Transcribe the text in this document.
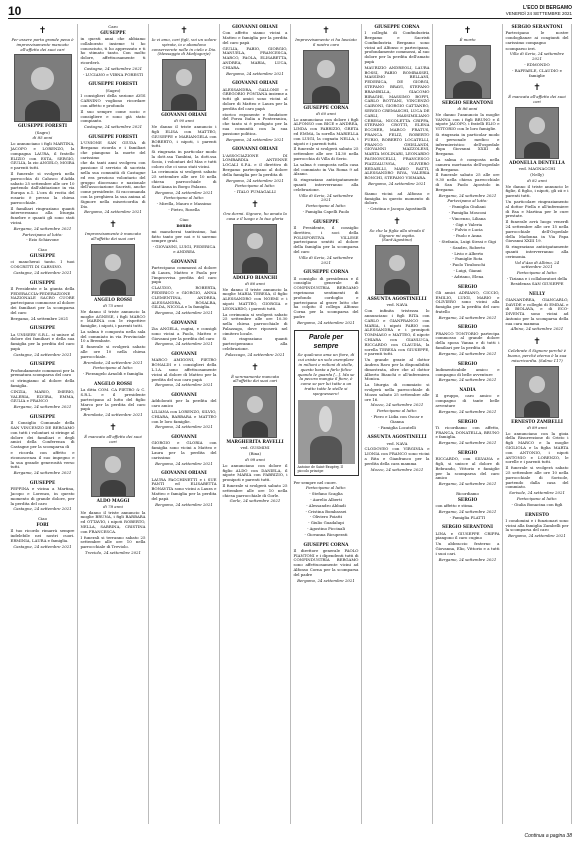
10	L'ECO DI BERGAMO
VENERDÌ 24 SETTEMBRE 2021
✝

Per essere porta grande pena è improvvisamente mancato all'affetto dei suoi cari

GIUSEPPE FORESTI

(Sagro)

di 85 anni

Lo annunciano i figli MARTINA, JACOPO e LORENZO, la compagna LAURA, il fratello ELIZIO con ESTA, SERGIO, GIULIA, la zio ANGELO, MOIRA e parenti tutti.

Il funerale si svolgerà nella parrocchia di Calusco d'Adda sabato 25 settembre alle ore 10 partendo dall'abitazione in via Europa n.1. L'ora di recita del rosario è presso la chiesa parrocchiale.

Il familiari ringraziano quanti interverranno alla liturgia funebre e quanti gli sono stati vicini.

Bergamo, 24 settembre 2021

Partecipano al lutto:

- Ezio Schiavone

Ciao

GIUSEPPE

ci mancherai tanto. I tuoi COSCRITTI DI CARNINO.

Castagne, 24 settembre 2021

GIUSEPPE

Il Presidente e la giunta della FEDERACCIA-FEDERAZIONE NAZIONALE SACRO CUORE partecipano commosse al dolore dei familiari per la scomparsa del caro

Bergamo, 24 settembre 2021

GIUSEPPE

La UNISERV S.R.L. si unisce al dolore dei familiari e della sua famiglia per la perdita del caro papà

Castagne, 24 settembre 2021

GIUSEPPE

Profondamente commossi per la prematura scomparsa del caro

ci stringiamo al dolore della famiglia.

CINZIA, MARIO, IMERIO, VALERIA, ELVIRA, EMMA, GIULIA e FRANCO

Bergamo, 24 settembre 2021

GIUSEPPE

Il Consiglio Comunale della SAN VINCENZO DE BERGAMO con tutti i volontari si stringe al dolore dei familiari e degli amici della Conferenza di Castagne per la scomparsa di

e ricorda con affetto e riconoscenza il suo impegno e la sua grande generosità verso tutti.

Bergamo, 24 settembre 2021

GIUSEPPE

PEPPINA e vicina a Martina, Jacopo e Lorenzo, in questo momento di grande dolore, per la perdita del caro

Castagne, 24 settembre 2021

Ciao

FORI

Il tuo ricordo rimarrà sempre indelebile nei nostri cuori. ERMINIA, LAURA e famiglia.

Castagne, 24 settembre 2021

Caro

GIUSEPPE

in questi anni che abbiamo collaborato insieme ti ho conosciuto, ti ho apprezzato e ti ho stimato tanto. Con molto dolore, affettuosamente ti ricorderò.

Castagne, 24 settembre 2021

- LUCIANO e VIBNA FORESTI

GIUSEPPE FORESTI

(Sagro)

I consiglieri della sezione AVIS CARNINO vogliono ricordare con affetto e profondo

Il suo sempre come socio e consigliere e sono già stato compianto.

Castagne, 24 settembre 2021

GIUSEPPE FORESTI

L'UNIONE SAN GIUDA di Bergamo ricorda e i familiari che piangono la morte del carissimo

che da tanti anni svolgeva con passione il servizio di sacrista nella sua comunità di Castagne ed era prezioso volontario del gruppo diocesano e nazionale dell'associazione Sacristi, anche come presidente. Si raccomanda con la preghiera la sua anima al Signore nella misericordia di Dio.

Bergamo, 24 settembre 2021

✝

Improvvisamente è mancato all'affetto dei suoi cari

ANGELO ROSSI

di 75 anni

Ne danno il triste annuncio la moglie AGNESE, i figli MARCO e MARINA con le rispettive famiglie, i nipoti, i parenti tutti.

La salma è composta nella sala del commiato in via Provinciale 10 a Brembate.

Il funerale si svolgerà sabato alle ore 10 nella chiesa parrocchiale.

Brembate, 24 settembre 2021

Partecipano al lutto:

- Pierangelo Arnoldi e famiglia

ANGELO ROSSI

La ditta COM. CA PIETRO & C. S.R.L. e il presidente partecipano al lutto del figlio Marco per la perdita del caro papà

Brembate, 24 settembre 2021

✝

È mancato all'affetto dei suoi cari

ALDO MAGGI

di 78 anni

Ne danno il triste annuncio la moglie BRUNA, i figli BARBARA ed OTTAVIO, i nipoti ROBERTO, NELLA, SABRINA, CRISTINA con FRANCESCA.

I funerali si terranno sabato 25 settembre alle ore 10 nella parrocchiale di Treviolo.

Treviolo, 24 settembre 2021

✝

Io vi amo, cari figli, voi un solore spirate, io e abandono conserverete nelle in cielo e Dio. (Messaggio di Medjugorje)

GIOVANNI ORIANI

di 90 anni

Ne danno il triste annuncio i figli ELISA con MATTEO, GIUSEPPE e MARIANGELA con ROBERTO, i nipoti, i parenti tutti.

Si ringrazia in particolar modo la dott.ssa Tambini, la dott.ssa Sosio, i volontari del Mas e tutti coloro che ci sono stati vicini.

La cerimonia si svolgerà sabato 25 settembre alle ore 10 nella chiesa parrocchiale di Sant'Anna in Borgo Palazzo.

Bergamo, 24 settembre 2021

Partecipano al lutto:

- Mirella, Mauro e Massimo

- Pietro, Rosella

Ciao

nonno

mi mancherai tantissimo, hai fatto tanto per noi e ti saremo sempre grati.

- GIOVANNI, LUIGI, FEDERICA e ANDREA

GIOVANNI

Partecipano commossi al dolore di Laura, Matteo e Paola per l'improvvisa perdita del caro papà

CLAUDIO, ROBERTA, FEDERICO e GIORGIO, ANNA CLEMENTINA, ANDREA, ALESSANDRA, ROSALBA, GILDA, NICOLA e la famiglia.

Bergamo, 24 settembre 2021

GIOVANNI

Zia ANGELA, cugini, e consigli sono vicini a Paolo, Matteo e Giovanni per la perdita del caro

Bergamo, 24 settembre 2021

GIOVANNI

MARCO AMIGONI, PIETRO BONALDI e i consiglieri della L.I.A. sono affettuosamente vicini al dolore di Matteo per la perdita del suo caro papà

Bergamo, 24 settembre 2021

GIOVANNI

Addolorati per la perdita del caro amico

LILIANA con LORENZO, SILVIO, CHIARA, BARBARA e MATTEO con le loro famiglie.

Bergamo, 24 settembre 2021

GIOVANNI

GIORGIO e GLORIA con famiglia sono vicini a Matteo e Laura per la perdita del carissimo

Bergamo, 24 settembre 2021

GIOVANNI ORIANI

LAURA FACCHINETTI e i SUE FANTI ed ELISABETTA BONAVITA sono vicini a Laura e Matteo e famiglia per la perdita del papà

Bergamo, 24 settembre 2021

GIOVANNI ORIANI

Con affetto siamo vicini a Matteo e famiglia per la perdita del caro papà

GIULIA, FABIO, GIORGIO, MANUELA, FRANCESCA, MARCO, PAOLA, ELISABETTA, ANDREA, MARIA, LUCA, CHIARA.

Bergamo, 24 settembre 2021

GIOVANNI ORIANI

ALESSANDRA, GALLONE e GREGORIO FONTANA insieme a tutti gli amici sono vicini al dolore di Matteo e Laura per la perdita del caro papà

storico esponente e fondatore del Forza Italia a Ponteranica, che tanto si è prodigato per la sua comunità con la sua passione politica.

Bergamo, 24 settembre 2021

GIOVANNI ORIANI

L'ASSOCIAZIONE DI LOMBARDIA ANTENNE LOCALI S.P.A. e il direttivo di Bergamo partecipano al dolore della famiglia per la perdita di

Bergamo, 24 settembre 2021

Partecipano al lutto:

- ITALO FUMAGALLI

✝

Ora dormi. Signore, ho amato la casa e il luogo e la tua gloria

ADOLFO BIANCHI

di 86 anni

Ne danno il triste annuncio la moglie MARIA TERESA, il figlio ALESSANDRO con NOEMI e i nipoti MATTEO, GIORGIA e LEONARDO, i parenti tutti.

La cerimonia si svolgerà sabato 25 settembre alle ore 10.30 nella chiesa parrocchiale di Palazzago, dove riposerà nel cimitero locale.

Si ringraziano quanti parteciperanno alla celebrazione.

Palazzago, 24 settembre 2021

✝

È serenamente mancata all'affetto dei suoi cari

MARGHERITA RAVELLI

ved. GUSMINI

(Rina)

di 98 anni

Lo annunciano con dolore il figlio ALDO con DANIELA, il nipote MARIA con FABRIZIO, i pronipoti e parenti tutti.

Il funerale si svolgerà sabato 25 settembre alle ore 10 nella chiesa parrocchiale di Gorle.

Gorle, 24 settembre 2021

✝

Improvvisamente ci ha lasciato il nostro caro

GIUSEPPE CORNA

di 60 anni

Lo annunciano con dolore i figli ALFONSO con BICE e ANDREA, LINDA con FABRIZIO, GRETA ed EMMA, la sorella MARIELLA con LUIGI, la cognata NELLA, i nipoti e i parenti tutti.

Il funerale si svolgerà sabato 25 settembre alle ore 14.30 nella parrocchia di Villa di Serio.

La salma è composta nella casa del commiato in Via Roma 9 ad Alzano.

Si ringraziano anticipatamente quanti interverranno alla celebrazione.

Villa di Serio, 24 settembre 2021

Partecipano al lutto:

- Famiglia Capelli Paolo

GIUSEPPE

Il Presidente, il consiglio direttivo, i soci della POLISPORTIVA VILLESE partecipano sentiti al dolore della famiglia per la scomparsa del caro

Villa di Serio, 24 settembre 2021

GIUSEPPE CORNA

Il consiglio di presidenza e il consiglio generale di CONFINDUSTRIA BERGAMO esprimono sentimenti di profondo cordoglio e partecipano al grave lutto che ha colpito il collega Alfonso Corna per la scomparsa del padre

Bergamo, 24 settembre 2021

Parole per sempre
Se qualcuno ama un fiore, di cui esiste un solo esemplare in milioni e milioni di stelle, questo basta a farlo felice quando le guarda [...]. Ma se la pecora mangia il fiore, è come se per lui tutte a un tratto tutte le stelle si spegnessero!
Antoine de Saint-Exupéry, Il piccolo principe

Per sempre nel cuore.

Partecipano al lutto:

- Stefano Scaglia

- Aurelio Alberti

- Alessandro Abbadi

- Cristina Bombassei

- Oliviero Poiatti

- Giulio Guadalupi

- Agostino Piccinali

- Giovanna Ricuperati

GIUSEPPE CORNA

Il direttore generale PAOLO PIANTONI e i dipendenti tutti di CONFINDUSTRIA BERGAMO sono affettuosamente vicini ad Alfonso Corna per la scomparsa del padre

Bergamo, 24 settembre 2021

GIUSEPPE CORNA

I colleghi di Confindustria Bergamo e Sacristi Confindustria Bergamo sono vicini ad Alfonso e partecipano, profondamente commossi, al suo dolore per la perdita dell'amato papà

MAURIZIO ANDREOLI, LAURA BOSSI, FABIO BOMBASSEI, MASSIMO BELLANI, FEDERICA, DE GIORGI, STEFANO BRAVI, STEFANO BRAMBILLA, GIACOMO BIRAGHI, MASSIMO BOFFI, CARLO BOTTANI, VINCENZO CAIRONI, GIORGIO CATTANEO, SERGIO CREMASCHI, LUCA DE CARLI, MASSIMILIANO CERESA, NICOLETTA CRIPPA, STEFANO CROTTI, ELENA ECCHER, MARCO FRATUS, FRANCA FELIZ, ROBERTO FURIO, ROBERTO LOCATELLI, FRANCO GHISLANDI, GIOVANNI MAZZOLENI, MARTA MOLINARI, LEONARDO PAGNONCELLI, FRANCESCO PIAZZALUNGA, OLIVIERO REDAELLI, MARIO RATTI, ALESSANDRO RIVA, VALERIA RONCHI, STEFANO VISMARA.

Bergamo, 24 settembre 2021

Siamo vicini ad Alfonso e famiglia in questo momento di dolore.

- Cristina e Jacopo Agostinelli

✝

So che la figlia alla strada il Signore mi ospita. (Sant'Agostino)

ASSUNTA AGOSTINELLI

ved. NAVA

Con infinita tristezza lo annunciano i figli RITA con CARLO e GIANFRANCO con MARIA, i nipoti FABIO con ALESSANDRA e i pronipoti TOMMASO e MATTEO, il nipote CHIARA con GIANLUCA, RICCARDO con CLAUDIA, la sorella TERESA con GIUSEPPE, e parenti tutti.

Un grande grazie al dottor Andrea Ravo per la disponibilità dimostrata, oltre che al dottor Alberto Bianchi e all'infermiera Monica.

La liturgia di commiato si svolgerà nella parrocchiale di Mozzo sabato 25 settembre alle ore 16.

Mozzo, 24 settembre 2021

Partecipano al lutto:

- Piero e Lidia con Oscar e Gianna

- Famiglia Locatelli

ASSUNTA AGOSTINELLI

ved. NAVA

CLODOVEO con VIRGINIA e LIONIA con FRANCO sono vicini a Rita e Gianfranco per la perdita della cara mamma

Mozzo, 24 settembre 2021

✝

È morto

SERGIO SERANTONI

di 86 anni

Ne danno l'annuncio la moglie VANNA con i figli BRUNO e il nipote JACOPO, i fratelli ELIO e VITTORIO con le loro famiglie.

Si ringrazia in particolar modo il personale medico e infermieristico dell'ospedale Papa Giovanni XXIII di Bergamo.

La salma è composta nella camera mortuaria dell'ospedale di Bergamo.

Il funerale sabato 25 alle ore 9.30 nella chiesa parrocchiale di San Paolo Apostolo in Bergamo.

Bergamo, 24 settembre 2021

Partecipano al lutto:

- Famiglia Giuliani

- Famiglia Mosconi

- Vincenzo, Liliana

- Gigi e Valeria

- Fulvio e Lucia

- Paolo e Anna

- Stefania, Luigi Siessi e Gigi

- Sandro, Roberto

- Livio e Alberto

- Famiglie Rota

- Paolo Tiraboschi

- Luigi, Gianni

- Adriano, Elena

SERGIO

Gli amici ADRIANO, CICCIO, EMILIO, LUIGI, MARIO e OLIVIERO sono vicini alla famiglia per la perdita del caro fratello

Bergamo, 24 settembre 2021

SERGIO

FRANCO TONTORIO partecipa commosso al grande dolore della sposa Vanna e di tutti i familiari per la perdita di

Bergamo, 24 settembre 2021

SERGIO

Indimenticabile amico e compagno di belle avventure

Bergamo, 24 settembre 2021

NADIA

Il gruppo, caro amico e compagno di tante belle avventure

Bergamo, 24 settembre 2021

SERGIO

Ti ricordiamo con affetto, FRANCA, DONATELLA, BRUNO e famiglia.

Bergamo, 24 settembre 2021

SERGIO

RICCARDO, con SILVANA e figli, si unisce al dolore di Bebrando, Vittorio e famiglie per la scomparsa del caro amico

Bergamo, 24 settembre 2021

Ricordiamo

SERGIO

con affetto e stima.

Bergamo, 24 settembre 2021

- Famiglia PLATTI

SERGIO SERANTONI

LINA e GIUSEPPE CRIPPA piangono il caro cugino

Un abbraccio fraterno a Giovanna, Elio, Vittorio e a tutti i suoi cari.

Bergamo, 24 settembre 2021

SERGIO SERANTONI

Partecipano le nostre condoglianze ai congiunti del carissimo compagno

scomparso ieri.

Villa di Serio, 24 settembre 2021

- EDMONDO

- RAFFAELE, CLAUDIO e famiglie

✝

È mancata all'affetto dei suoi cari

ADONELLA DENTELLA

ved. MAGNACCHI

(Nelly)

di 82 anni

Ne danno il triste annuncio le figlie, il figlio, i nipoti, gli zii e i parenti tutti.

Un particolare ringraziamento al dottor Piella e all'infermiere di Rsa e Martina per le cure prestate.

Il funerale avrà luogo venerdì 24 settembre alle ore 15 nella parrocchiale dell'Ospedale della Madonna in Via Papa Giovanni XXIII 19.

Si ringraziano anticipatamente quanti interverranno alla cerimonia.

Val d'Asa di Albino, 24 settembre 2021

Partecipano al lutto:

- Tiziana e i collaboratori della Residenza SAN GIUSEPPE

NELLY

GIANANDREA, GIANCARLO, DAVIDE e colleghi di EMDAL e di BIOLAVA, e di ECO-DIVENTA sono vicini ad Antonio per la scomparsa della sua cara mamma

Albino, 24 settembre 2021

✝

Celebrate il Signore perché è buono, perché eterna è la sua misericordia. (Salmo 117)

ERNESTO ZAMBELLI

di 89 anni

Lo annunciano con la gioia della Risurrezione di Cristo i figli MARCO e la moglie GIGLIOLA e la figlia MARTA con ANTONIO, i nipoti ANTONIO e LORENZO, le sorelle e i parenti tutti.

Il funerale si svolgerà sabato 25 settembre alle ore 10 nella parrocchiale di Sorisole, partendo dalla casa del commiato.

Sorisole, 24 settembre 2021

Partecipano al lutto:

- Giulia Bonacina con figli

ERNESTO

I condomini e i funzionari sono vicini alla famiglia Zambelli per la scomparsa del caro

Bergamo, 24 settembre 2021

Continua a pagina 38
